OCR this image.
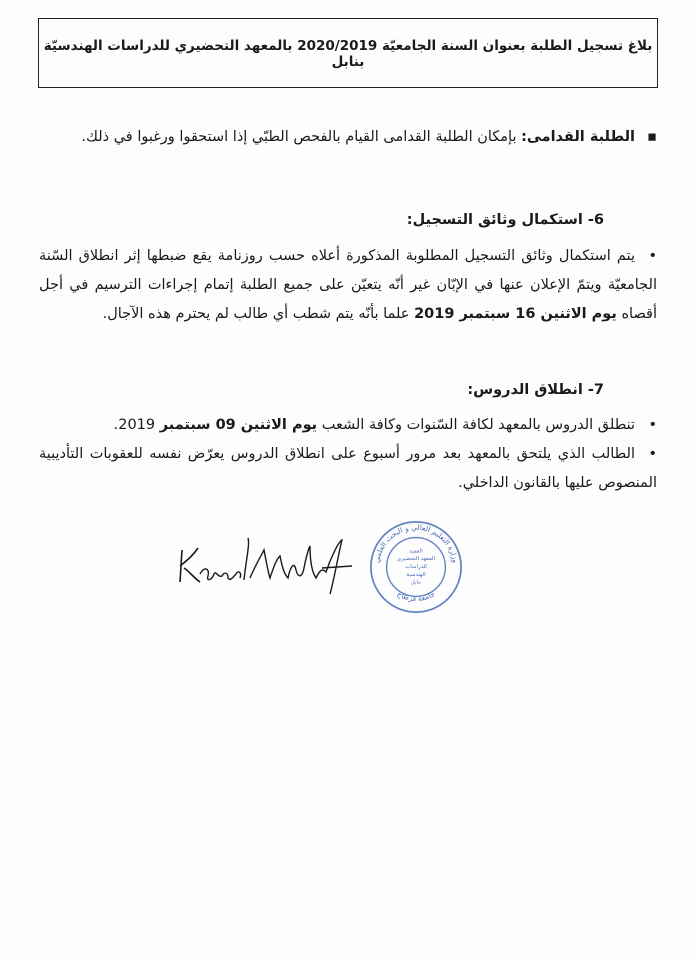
بلاغ تسجيل الطلبة بعنوان السنة الجامعيّة 2020/2019 بالمعهد التحضيري للدراسات الهندسيّة بنابل
▪الطلبة القدامى: بإمكان الطلبة القدامى القيام بالفحص الطبّي إذا استحقوا ورغبوا في ذلك.
6- استكمال وثائق التسجيل:
•يتم استكمال وثائق التسجيل المطلوبة المذكورة أعلاه حسب روزنامة يقع ضبطها إثر انطلاق السّنة الجامعيّة ويتمّ الإعلان عنها في الإبّان غير أنّه يتعيّن على جميع الطلبة إتمام إجراءات الترسيم في أجل أقصاه يوم الاثنين 16 سبتمبر 2019 علما بأنّه يتم شطب أي طالب لم يحترم هذه الآجال.
7- انطلاق الدروس:
•تنطلق الدروس بالمعهد لكافة السّنوات وكافة الشعب يوم الاثنين 09 سبتمبر 2019.
•الطالب الذي يلتحق بالمعهد بعد مرور أسبوع على انطلاق الدروس يعرّض نفسه للعقوبات التأديبية المنصوص عليها بالقانون الداخلي.
وزارة التعليم العالي و البحث العلمي
جامعة قرطاج
العميد
المعهد التحضيري
للدراسات
الهندسية
بنابل
